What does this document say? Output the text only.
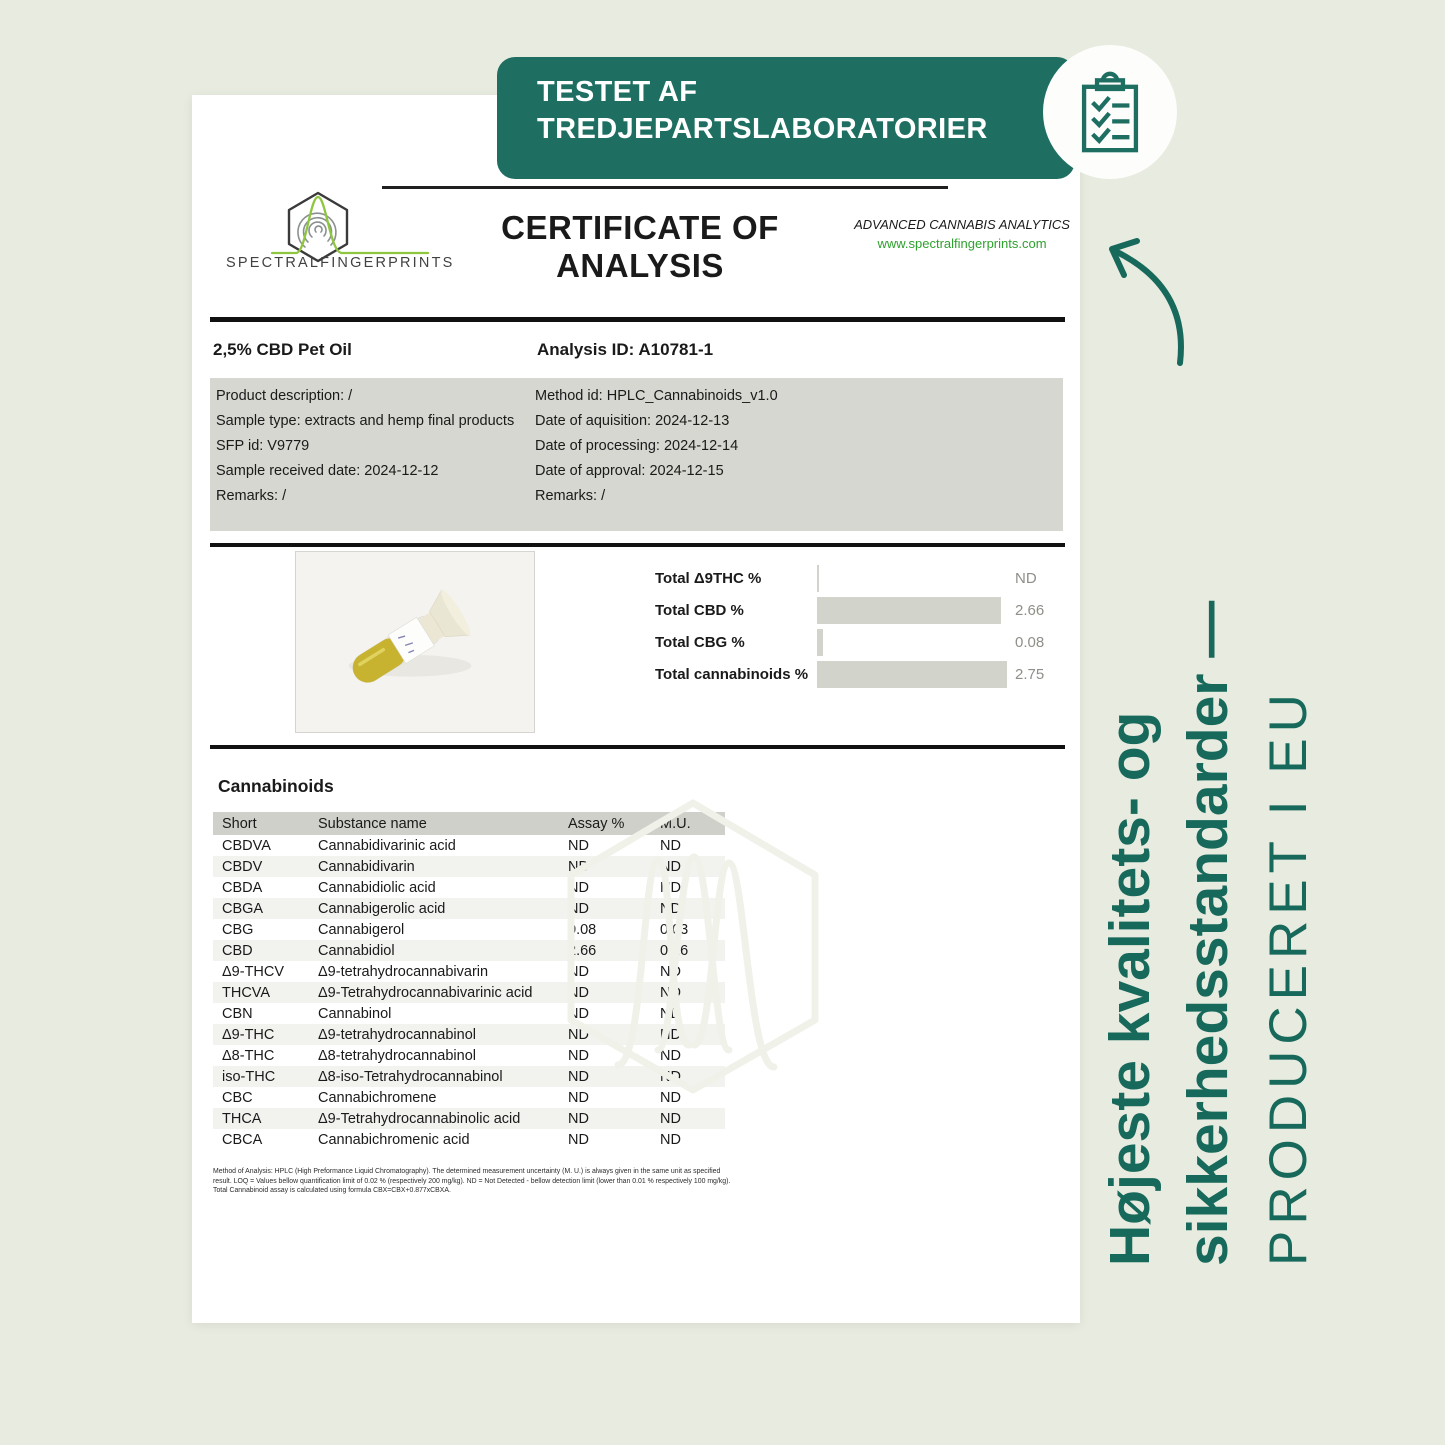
SPECTRALFINGERPRINTS
CERTIFICATE OF ANALYSIS
ADVANCED CANNABIS ANALYTICS
www.spectralfingerprints.com
2,5% CBD Pet Oil	Analysis ID: A10781-1
Product description: /
Sample type: extracts and hemp final products
SFP id: V9779
Sample received date: 2024-12-12
Remarks: /
Method id: HPLC_Cannabinoids_v1.0
Date of aquisition: 2024-12-13
Date of processing: 2024-12-14
Date of approval: 2024-12-15
Remarks: /
Total Δ9THC %	ND
Total CBD %	2.66
Total CBG %	0.08
Total cannabinoids %	2.75
Cannabinoids
Short	Substance name	Assay %	M.U.
CBDVA	Cannabidivarinic acid	ND	ND
CBDV	Cannabidivarin	ND	ND
CBDA	Cannabidiolic acid	ND	ND
CBGA	Cannabigerolic acid	ND	ND
CBG	Cannabigerol	0.08	0.03
CBD	Cannabidiol	2.66	0.16
Δ9-THCV	Δ9-tetrahydrocannabivarin	ND	ND
THCVA	Δ9-Tetrahydrocannabivarinic acid	ND	ND
CBN	Cannabinol	ND	ND
Δ9-THC	Δ9-tetrahydrocannabinol	ND	ND
Δ8-THC	Δ8-tetrahydrocannabinol	ND	ND
iso-THC	Δ8-iso-Tetrahydrocannabinol	ND	ND
CBC	Cannabichromene	ND	ND
THCA	Δ9-Tetrahydrocannabinolic acid	ND	ND
CBCA	Cannabichromenic acid	ND	ND
Method of Analysis: HPLC (High Preformance Liquid Chromatography). The determined measurement uncertainty (M. U.) is always given in the same unit as specified result. LOQ = Values bellow quantification limit of 0.02 % (respectively 200 mg/kg). ND = Not Detected - bellow detection limit (lower than 0.01 % respectively 100 mg/kg). Total Cannabinoid assay is calculated using formula CBX=CBX+0.877xCBXA.
TESTET AF
TREDJEPARTSLABORATORIER
Højeste kvalitets- og sikkerhedsstandarder — PRODUCERET I EU
